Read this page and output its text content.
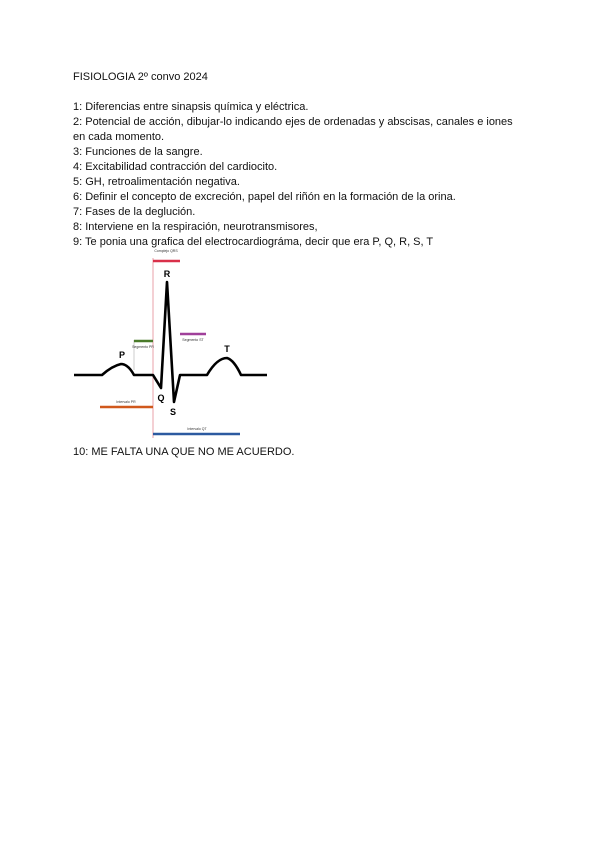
FISIOLOGIA 2º convo 2024
1: Diferencias entre sinapsis química y eléctrica.
2: Potencial de acción, dibujar-lo indicando ejes de ordenadas y abscisas, canales e iones
en cada momento.
3: Funciones de la sangre.
4: Excitabilidad contracción del cardiocito.
5: GH, retroalimentación negativa.
6: Definir el concepto de excreción, papel del riñón en la formación de la orina.
7: Fases de la deglución.
8: Interviene en la respiración, neurotransmisores,
9: Te ponia una grafica del electrocardiográma, decir que era P, Q, R, S, T
Complejo QRS
Segmento PR
Segmento ST
Intervalo PR
Intervalo QT
P
R
Q
S
T
10: ME FALTA UNA QUE NO ME ACUERDO.
